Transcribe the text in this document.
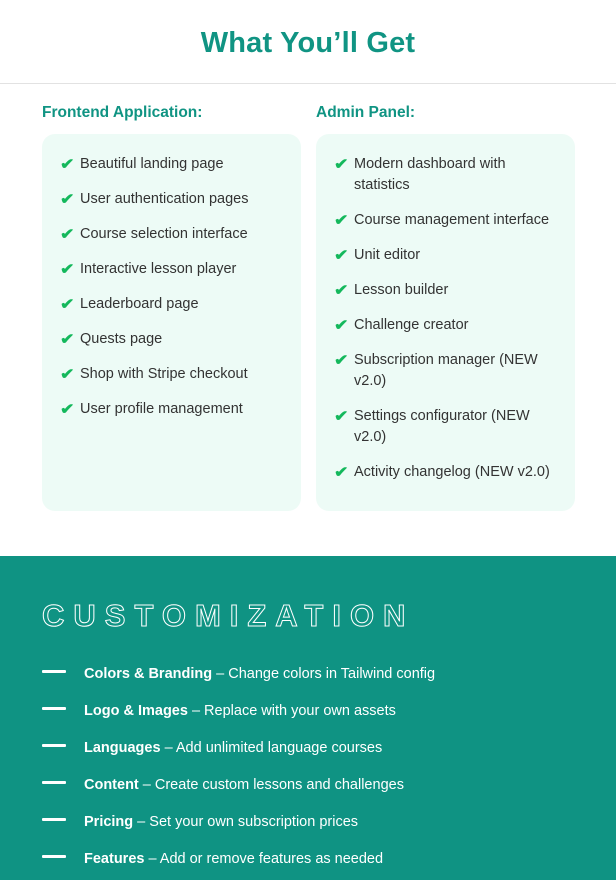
What You’ll Get
Frontend Application:
✔ Beautiful landing page
✔ User authentication pages
✔ Course selection interface
✔ Interactive lesson player
✔ Leaderboard page
✔ Quests page
✔ Shop with Stripe checkout
✔ User profile management
Admin Panel:
✔ Modern dashboard with statistics
✔ Course management interface
✔ Unit editor
✔ Lesson builder
✔ Challenge creator
✔ Subscription manager (NEW v2.0)
✔ Settings configurator (NEW v2.0)
✔ Activity changelog (NEW v2.0)
CUSTOMIZATION
Colors & Branding – Change colors in Tailwind config
Logo & Images – Replace with your own assets
Languages – Add unlimited language courses
Content – Create custom lessons and challenges
Pricing – Set your own subscription prices
Features – Add or remove features as needed
